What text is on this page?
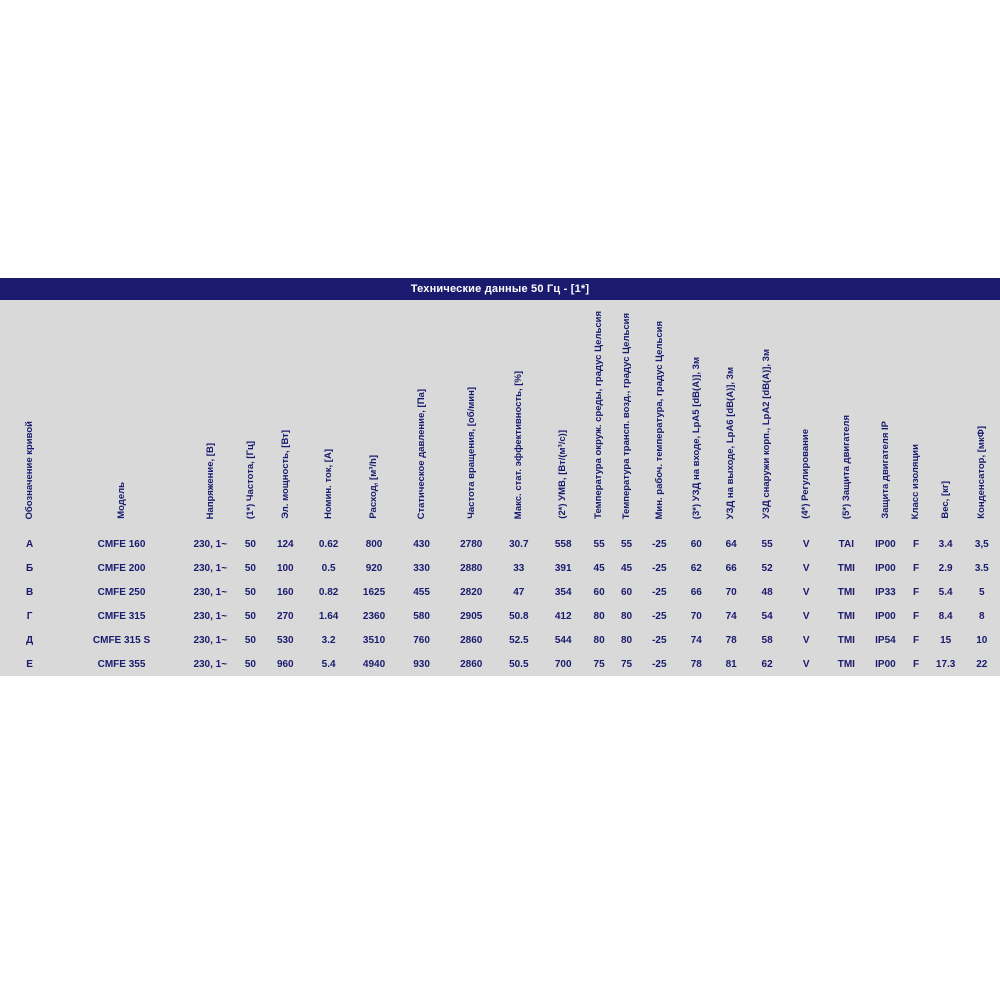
Технические данные 50 Гц - [1*]																						
Обозначение кривой	Модель	Напряжение, [В]	(1*) Частота, [Гц]	Эл. мощность, [Вт]	Номин. ток, [А]	Расход, [м³/h]	Статическое давление, [Па]	Частота вращения, [об/мин]	Макс. стат. эффективность, [%]	(2*) УМВ, [Вт/(м³/с)]	Температура окруж. среды, градус Цельсия	Температура трансп. возд., градус Цельсия	Мин. рабоч. температура, градус Цельсия	(3*) УЗД на входе, LpA5 [dB(A)], 3м	УЗД на выходе, LpA6 [dB(A)], 3м	УЗД снаружи корп., LpA2 [dB(A)], 3м	(4*) Регулирование	(5*) Защита двигателя	Защита двигателя IP	Класс изоляции	Вес, [кг]	Конденсатор, [мкФ]
А	CMFE 160	230, 1~	50	124	0.62	800	430	2780	30.7	558	55	55	-25	60	64	55	V	TAI	IP00	F	3.4	3,5
Б	CMFE 200	230, 1~	50	100	0.5	920	330	2880	33	391	45	45	-25	62	66	52	V	TMI	IP00	F	2.9	3.5
В	CMFE 250	230, 1~	50	160	0.82	1625	455	2820	47	354	60	60	-25	66	70	48	V	TMI	IP33	F	5.4	5
Г	CMFE 315	230, 1~	50	270	1.64	2360	580	2905	50.8	412	80	80	-25	70	74	54	V	TMI	IP00	F	8.4	8
Д	CMFE 315 S	230, 1~	50	530	3.2	3510	760	2860	52.5	544	80	80	-25	74	78	58	V	TMI	IP54	F	15	10
Е	CMFE 355	230, 1~	50	960	5.4	4940	930	2860	50.5	700	75	75	-25	78	81	62	V	TMI	IP00	F	17.3	22
